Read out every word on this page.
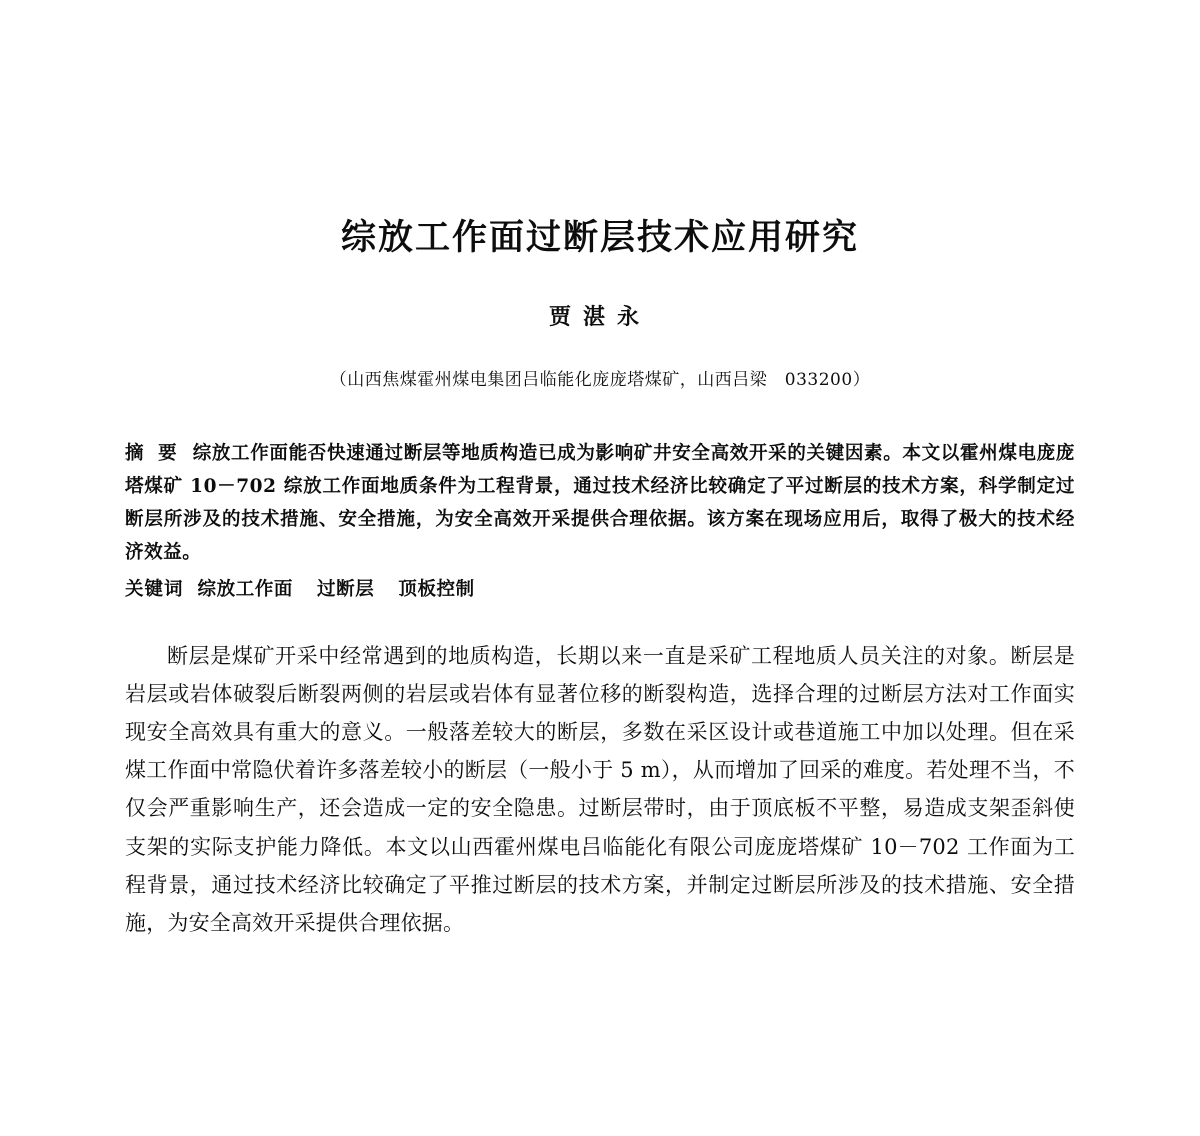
综放工作面过断层技术应用研究
贾湛永
（山西焦煤霍州煤电集团吕临能化庞庞塔煤矿，山西吕梁　033200）
摘 要 综放工作面能否快速通过断层等地质构造已成为影响矿井安全高效开采的关键因素。本文以霍州煤电庞庞塔煤矿 10－702 综放工作面地质条件为工程背景，通过技术经济比较确定了平过断层的技术方案，科学制定过断层所涉及的技术措施、安全措施，为安全高效开采提供合理依据。该方案在现场应用后，取得了极大的技术经济效益。
关键词 综放工作面 过断层 顶板控制

断层是煤矿开采中经常遇到的地质构造，长期以来一直是采矿工程地质人员关注的对象。断层是岩层或岩体破裂后断裂两侧的岩层或岩体有显著位移的断裂构造，选择合理的过断层方法对工作面实现安全高效具有重大的意义。一般落差较大的断层，多数在采区设计或巷道施工中加以处理。但在采煤工作面中常隐伏着许多落差较小的断层（一般小于 5 m），从而增加了回采的难度。若处理不当，不仅会严重影响生产，还会造成一定的安全隐患。过断层带时，由于顶底板不平整，易造成支架歪斜使支架的实际支护能力降低。本文以山西霍州煤电吕临能化有限公司庞庞塔煤矿 10－702 工作面为工程背景，通过技术经济比较确定了平推过断层的技术方案，并制定过断层所涉及的技术措施、安全措施，为安全高效开采提供合理依据。
